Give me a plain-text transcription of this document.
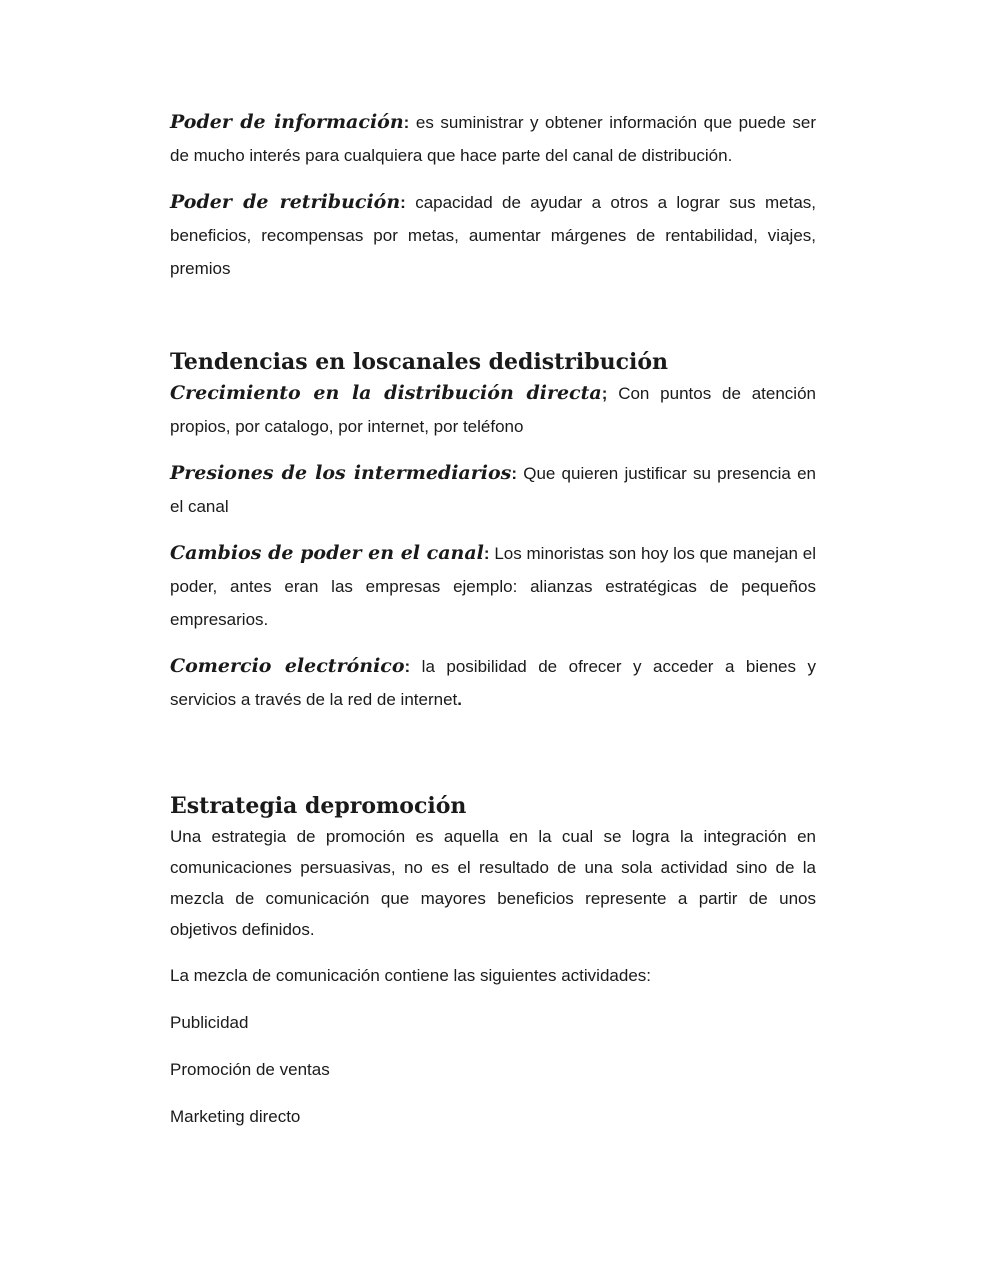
Poder de información: es suministrar y obtener información que puede ser de mucho interés para cualquiera que hace parte del canal de distribución.

Poder de retribución: capacidad de ayudar a otros a lograr sus metas, beneficios, recompensas por metas, aumentar márgenes de rentabilidad, viajes, premios

Tendencias en loscanales dedistribución

Crecimiento en la distribución directa; Con puntos de atención propios, por catalogo, por internet, por teléfono

Presiones de los intermediarios: Que quieren justificar su presencia en el canal

Cambios de poder en el canal: Los minoristas son hoy los que manejan el poder, antes eran las empresas ejemplo: alianzas estratégicas de pequeños empresarios.

Comercio electrónico: la posibilidad de ofrecer y acceder a bienes y servicios a través de la red de internet.

Estrategia depromoción

Una estrategia de promoción es aquella en la cual se logra la integración en comunicaciones persuasivas, no es el resultado de una sola actividad sino de la mezcla de comunicación que mayores beneficios represente a partir de unos objetivos definidos.

La mezcla de comunicación contiene las siguientes actividades:

Publicidad

Promoción de ventas

Marketing directo
